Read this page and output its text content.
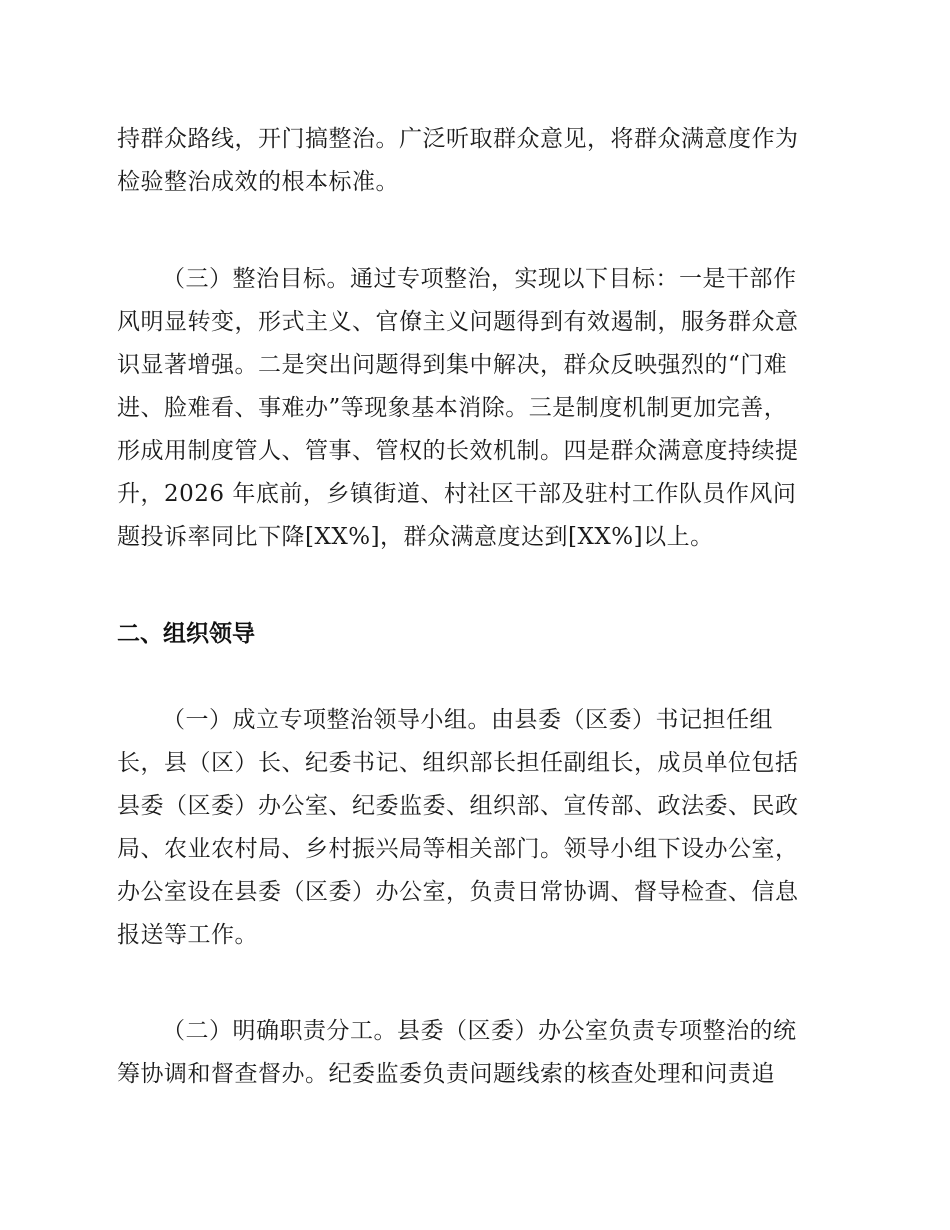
持群众路线，开门搞整治。广泛听取群众意见，将群众满意度作为
检验整治成效的根本标准。
（三）整治目标。通过专项整治，实现以下目标：一是干部作
风明显转变，形式主义、官僚主义问题得到有效遏制，服务群众意
识显著增强。二是突出问题得到集中解决，群众反映强烈的“门难
进、脸难看、事难办”等现象基本消除。三是制度机制更加完善，
形成用制度管人、管事、管权的长效机制。四是群众满意度持续提
升，2026 年底前，乡镇街道、村社区干部及驻村工作队员作风问
题投诉率同比下降[XX%]，群众满意度达到[XX%]以上。
二、组织领导
（一）成立专项整治领导小组。由县委（区委）书记担任组
长，县（区）长、纪委书记、组织部长担任副组长，成员单位包括
县委（区委）办公室、纪委监委、组织部、宣传部、政法委、民政
局、农业农村局、乡村振兴局等相关部门。领导小组下设办公室，
办公室设在县委（区委）办公室，负责日常协调、督导检查、信息
报送等工作。
（二）明确职责分工。县委（区委）办公室负责专项整治的统
筹协调和督查督办。纪委监委负责问题线索的核查处理和问责追
